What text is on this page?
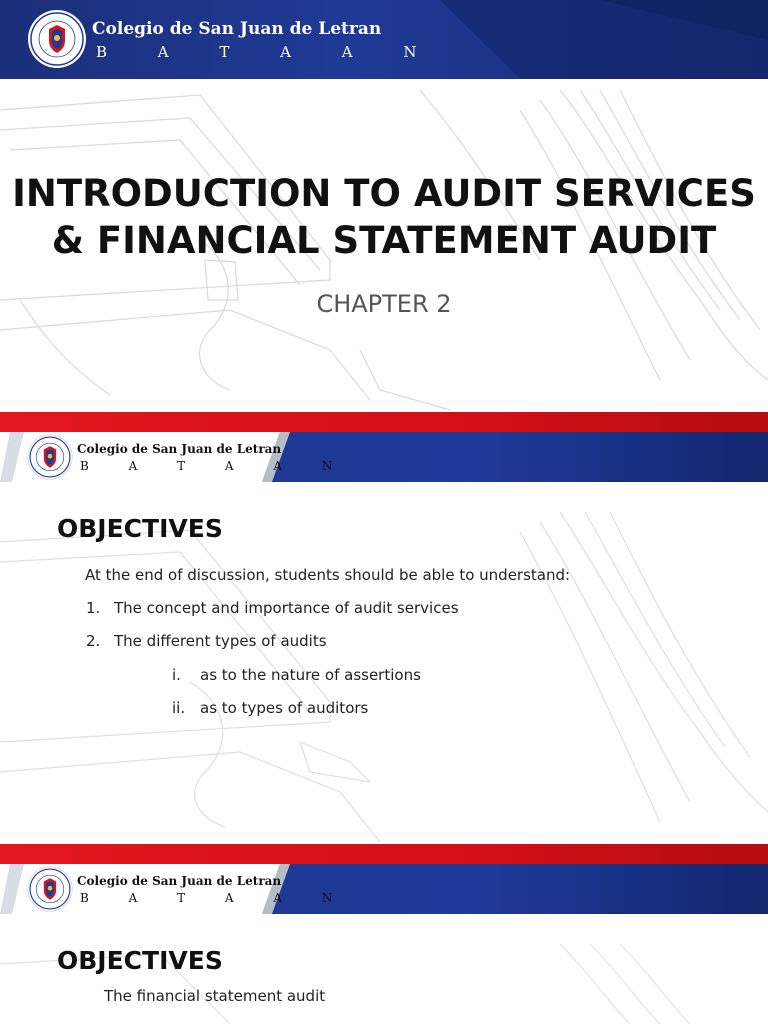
Colegio de San Juan de Letran
B A T A A N
INTRODUCTION TO AUDIT SERVICES
& FINANCIAL STATEMENT AUDIT
CHAPTER 2
Colegio de San Juan de Letran
B A T A A N
OBJECTIVES
At the end of discussion, students should be able to understand:
1. The concept and importance of audit services
2. The different types of audits
i. as to the nature of assertions
ii. as to types of auditors
Colegio de San Juan de Letran
B A T A A N
OBJECTIVES
The financial statement audit
